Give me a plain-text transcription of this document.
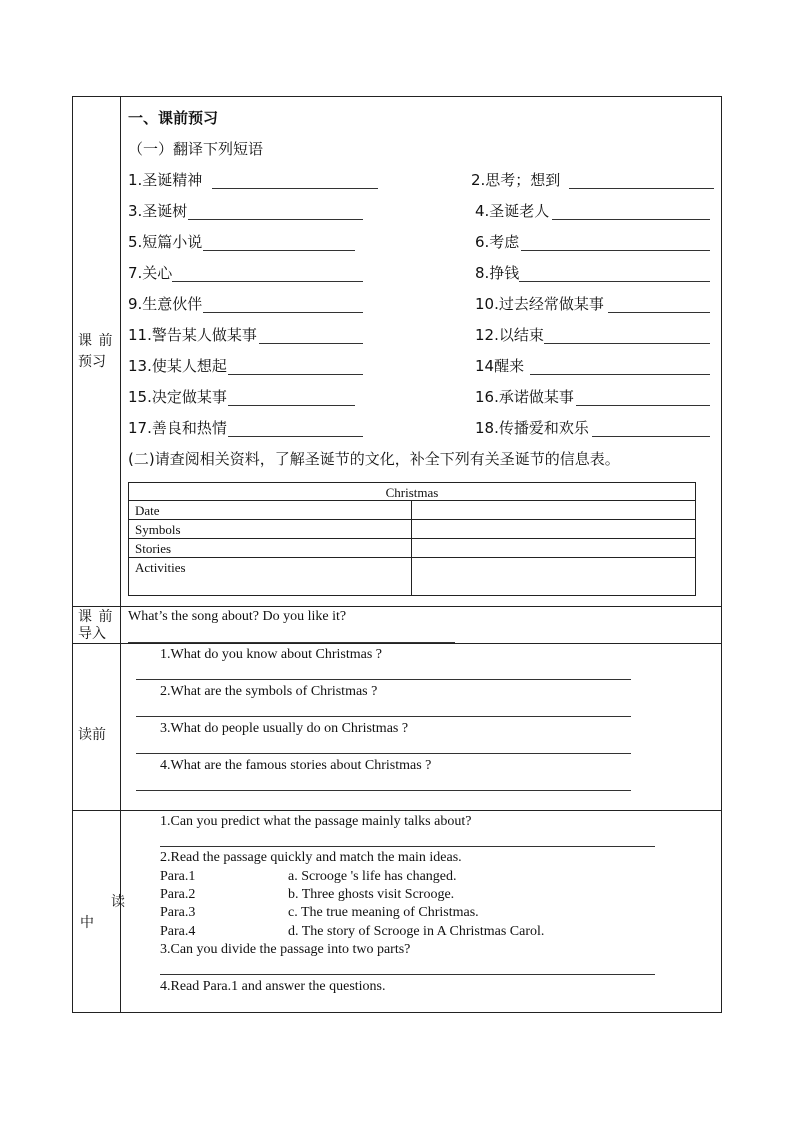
课 前
预习
一、课前预习
（一）翻译下列短语
1.圣诞精神	2.思考；想到
3.圣诞树	4.圣诞老人
5.短篇小说	6.考虑
7.关心	8.挣钱
9.生意伙伴	10.过去经常做某事
11.警告某人做某事	12.以结束
13.使某人想起	14醒来
15.决定做某事	16.承诺做某事
17.善良和热情	18.传播爱和欢乐
(二)请查阅相关资料，了解圣诞节的文化，补全下列有关圣诞节的信息表。
Christmas
Date
Symbols
Stories
Activities
课 前
导入
What’s the song about? Do you like it?
读前
1.What do you know about Christmas ?
2.What are the symbols of Christmas ?
3.What do people usually do on Christmas ?
4.What are the famous stories about Christmas ?
读
中
1.Can you predict what the passage mainly talks about?
2.Read the passage quickly and match the main ideas.
Para.1	a. Scrooge 's life has changed.
Para.2	b. Three ghosts visit Scrooge.
Para.3	c. The true meaning of Christmas.
Para.4	d. The story of Scrooge in A Christmas Carol.
3.Can you divide the passage into two parts?
4.Read Para.1 and answer the questions.
